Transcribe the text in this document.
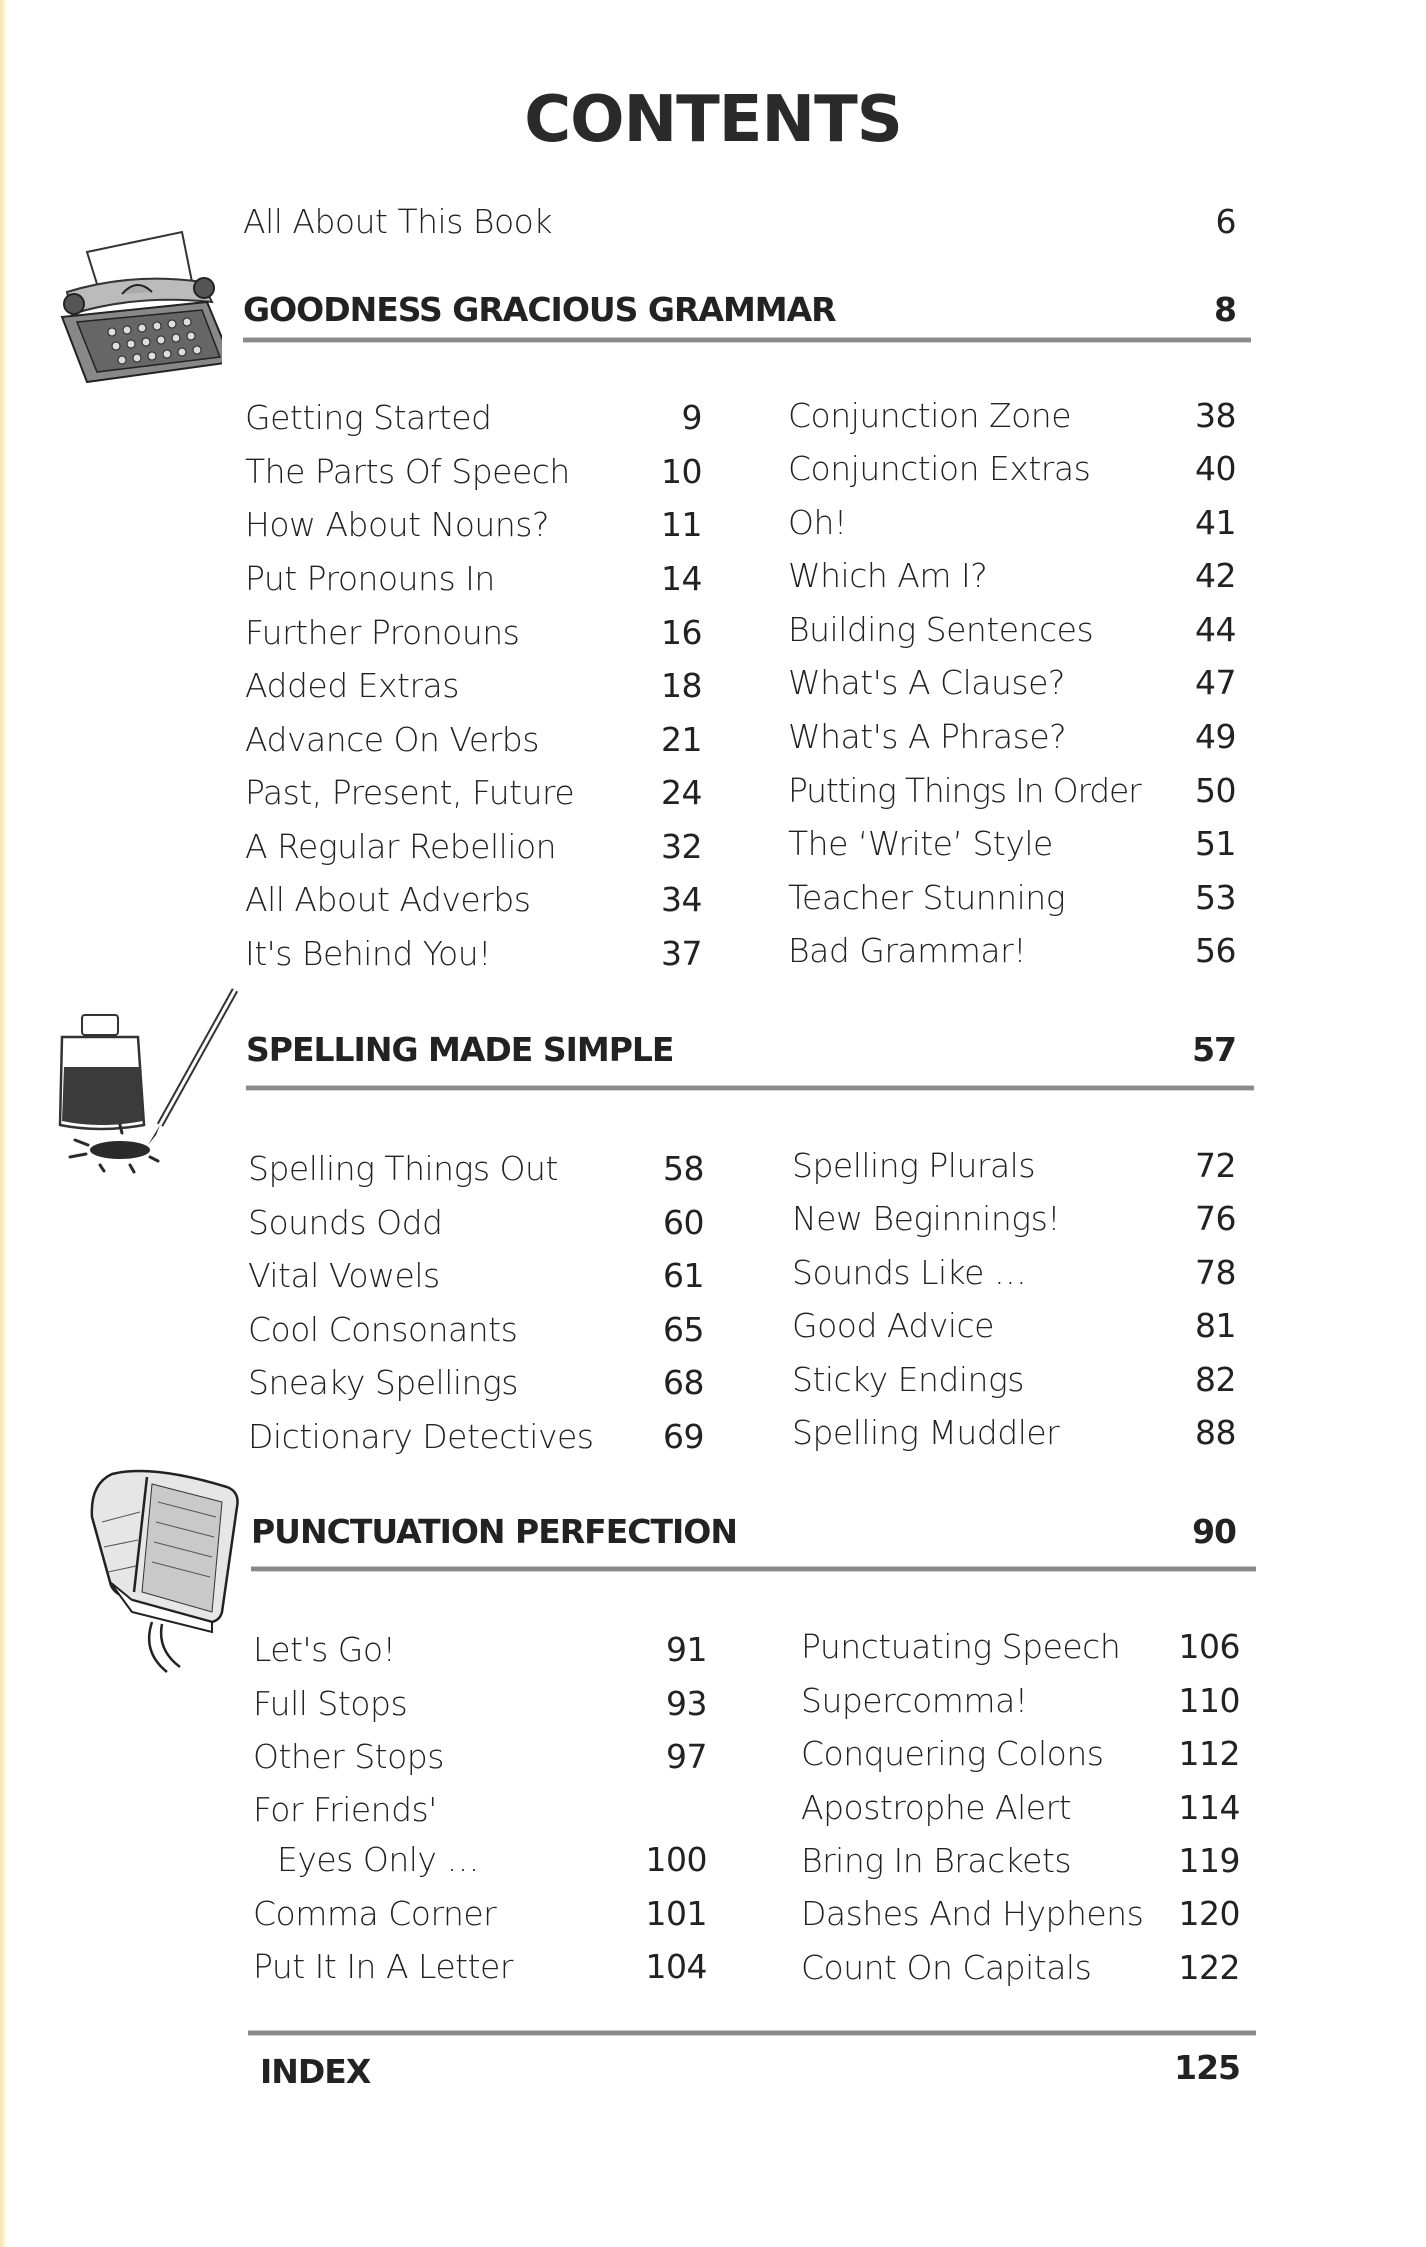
CONTENTS
All About This Book	6
GOODNESS GRACIOUS GRAMMAR	8
Getting Started	9
The Parts Of Speech	10
How About Nouns?	11
Put Pronouns In	14
Further Pronouns	16
Added Extras	18
Advance On Verbs	21
Past, Present, Future	24
A Regular Rebellion	32
All About Adverbs	34
It's Behind You!	37
Conjunction Zone	38
Conjunction Extras	40
Oh!	41
Which Am I?	42
Building Sentences	44
What's A Clause?	47
What's A Phrase?	49
Putting Things In Order	50
The ‘Write’ Style	51
Teacher Stunning	53
Bad Grammar!	56
SPELLING MADE SIMPLE	57
Spelling Things Out	58
Sounds Odd	60
Vital Vowels	61
Cool Consonants	65
Sneaky Spellings	68
Dictionary Detectives	69
Spelling Plurals	72
New Beginnings!	76
Sounds Like …	78
Good Advice	81
Sticky Endings	82
Spelling Muddler	88
PUNCTUATION PERFECTION	90
Let's Go!	91
Full Stops	93
Other Stops	97
For Friends'
Eyes Only …	100
Comma Corner	101
Put It In A Letter	104
Punctuating Speech	106
Supercomma!	110
Conquering Colons	112
Apostrophe Alert	114
Bring In Brackets	119
Dashes And Hyphens	120
Count On Capitals	122
INDEX	125
